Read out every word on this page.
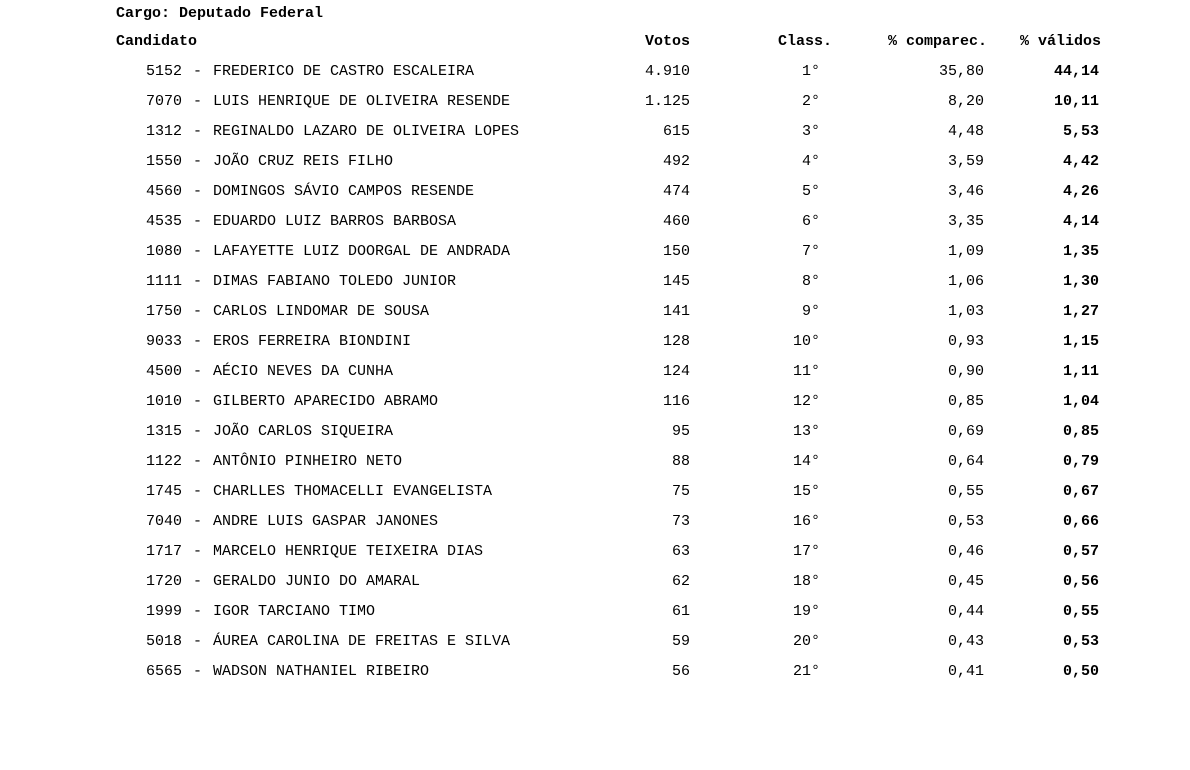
Cargo: Deputado Federal
Candidato	Votos	Class.	% comparec.	% válidos
5152 - FREDERICO DE CASTRO ESCALEIRA	4.910	1°	35,80	44,14
7070 - LUIS HENRIQUE DE OLIVEIRA RESENDE	1.125	2°	8,20	10,11
1312 - REGINALDO LAZARO DE OLIVEIRA LOPES	615	3°	4,48	5,53
1550 - JOÃO CRUZ REIS FILHO	492	4°	3,59	4,42
4560 - DOMINGOS SÁVIO CAMPOS RESENDE	474	5°	3,46	4,26
4535 - EDUARDO LUIZ BARROS BARBOSA	460	6°	3,35	4,14
1080 - LAFAYETTE LUIZ DOORGAL DE ANDRADA	150	7°	1,09	1,35
1111 - DIMAS FABIANO TOLEDO JUNIOR	145	8°	1,06	1,30
1750 - CARLOS LINDOMAR DE SOUSA	141	9°	1,03	1,27
9033 - EROS FERREIRA BIONDINI	128	10°	0,93	1,15
4500 - AÉCIO NEVES DA CUNHA	124	11°	0,90	1,11
1010 - GILBERTO APARECIDO ABRAMO	116	12°	0,85	1,04
1315 - JOÃO CARLOS SIQUEIRA	95	13°	0,69	0,85
1122 - ANTÔNIO PINHEIRO NETO	88	14°	0,64	0,79
1745 - CHARLLES THOMACELLI EVANGELISTA	75	15°	0,55	0,67
7040 - ANDRE LUIS GASPAR JANONES	73	16°	0,53	0,66
1717 - MARCELO HENRIQUE TEIXEIRA DIAS	63	17°	0,46	0,57
1720 - GERALDO JUNIO DO AMARAL	62	18°	0,45	0,56
1999 - IGOR TARCIANO TIMO	61	19°	0,44	0,55
5018 - ÁUREA CAROLINA DE FREITAS E SILVA	59	20°	0,43	0,53
6565 - WADSON NATHANIEL RIBEIRO	56	21°	0,41	0,50
